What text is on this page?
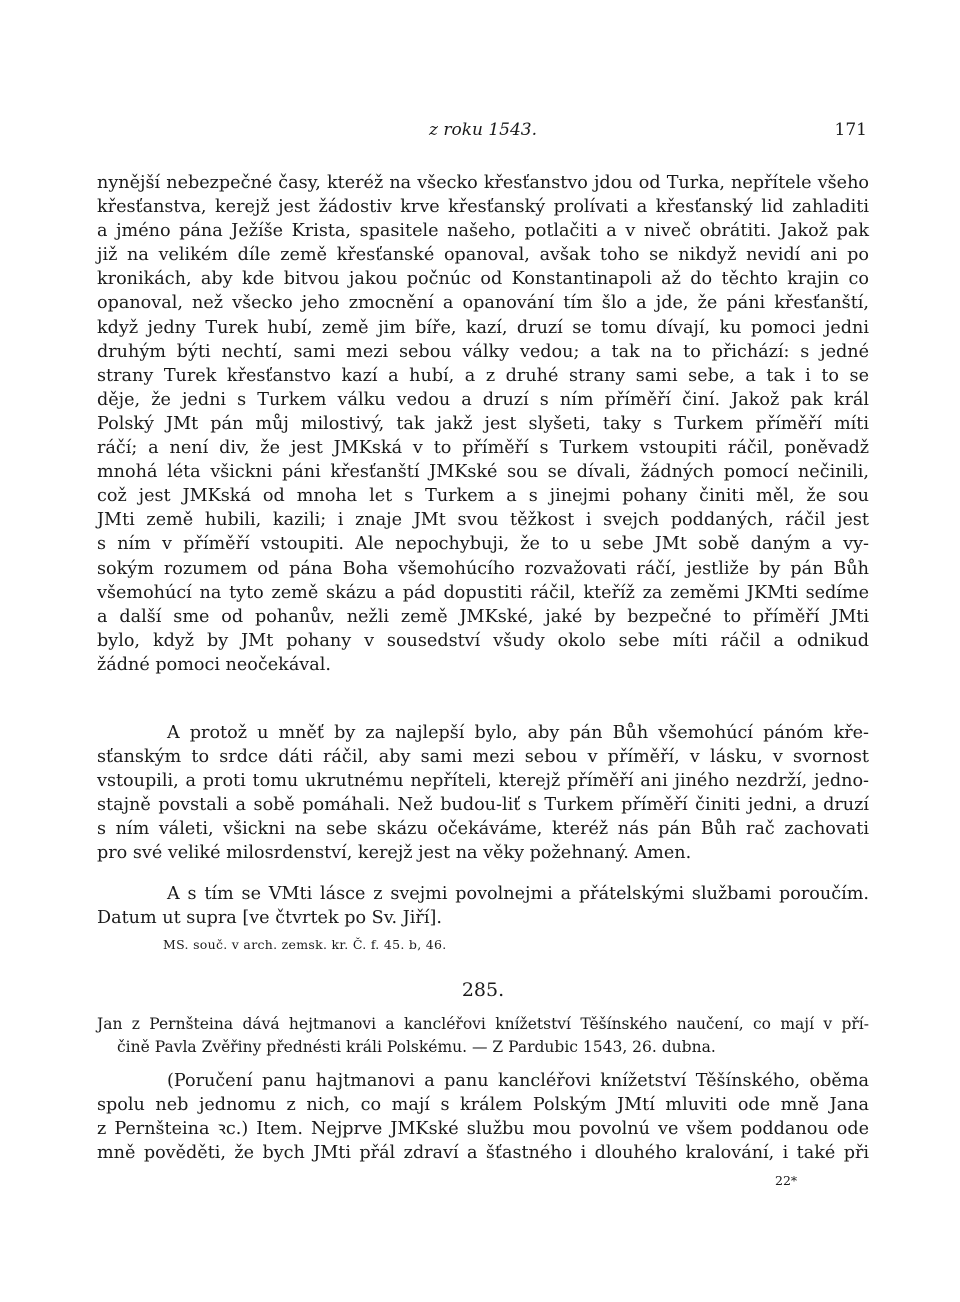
z roku 1543.	171
nynější nebezpečné časy, kteréž na všecko křesťanstvo jdou od Turka, nepřítele všeho
křesťanstva, kerejž jest žádostiv krve křesťanský prolívati a křesťanský lid zahladiti
a jméno pána Ježíše Krista, spasitele našeho, potlačiti a v niveč obrátiti. Jakož pak
již na velikém díle země křesťanské opanoval, avšak toho se nikdyž nevidí ani po
kronikách, aby kde bitvou jakou počnúc od Konstantinapoli až do těchto krajin co
opanoval, než všecko jeho zmocnění a opanování tím šlo a jde, že páni křesťanští,
když jedny Turek hubí, země jim bíře, kazí, druzí se tomu dívají, ku pomoci jedni
druhým býti nechtí, sami mezi sebou války vedou; a tak na to přichází: s jedné
strany Turek křesťanstvo kazí a hubí, a z druhé strany sami sebe, a tak i to se
děje, že jedni s Turkem válku vedou a druzí s ním příměří činí. Jakož pak král
Polský JMt pán můj milostivý, tak jakž jest slyšeti, taky s Turkem příměří míti
ráčí; a není div, že jest JMKská v to příměří s Turkem vstoupiti ráčil, poněvadž
mnohá léta všickni páni křesťanští JMKské sou se dívali, žádných pomocí nečinili,
což jest JMKská od mnoha let s Turkem a s jinejmi pohany činiti měl, že sou
JMti země hubili, kazili; i znaje JMt svou těžkost i svejch poddaných, ráčil jest
s ním v příměří vstoupiti. Ale nepochybuji, že to u sebe JMt sobě daným a vy-
sokým rozumem od pána Boha všemohúcího rozvažovati ráčí, jestliže by pán Bůh
všemohúcí na tyto země skázu a pád dopustiti ráčil, kteříž za zeměmi JKMti sedíme
a další sme od pohanův, nežli země JMKské, jaké by bezpečné to příměří JMti
bylo, když by JMt pohany v sousedství všudy okolo sebe míti ráčil a odnikud
žádné pomoci neočekával.
A protož u mněť by za najlepší bylo, aby pán Bůh všemohúcí pánóm kře-
sťanským to srdce dáti ráčil, aby sami mezi sebou v příměří, v lásku, v svornost
vstoupili, a proti tomu ukrutnému nepříteli, kterejž příměří ani jiného nezdrží, jedno-
stajně povstali a sobě pomáhali. Než budou-liť s Turkem příměří činiti jedni, a druzí
s ním váleti, všickni na sebe skázu očekáváme, kteréž nás pán Bůh rač zachovati
pro své veliké milosrdenství, kerejž jest na věky požehnaný. Amen.
A s tím se VMti lásce z svejmi povolnejmi a přátelskými službami poroučím.
Datum ut supra [ve čtvrtek po Sv. Jiří].
MS. souč. v arch. zemsk. kr. Č. f. 45. b, 46.
285.
Jan z Pernšteina dává hejtmanovi a kancléřovi knížetství Těšínského naučení, co mají v pří-
čině Pavla Zvěřiny přednésti králi Polskému. — Z Pardubic 1543, 26. dubna.
(Poručení panu hajtmanovi a panu kancléřovi knížetství Těšínského, oběma
spolu neb jednomu z nich, co mají s králem Polským JMtí mluviti ode mně Jana
z Pernšteina ꝛc.) Item. Nejprve JMKské službu mou povolnú ve všem poddanou ode
mně pověděti, že bych JMti přál zdraví a šťastného i dlouhého kralování, i také při
22*
